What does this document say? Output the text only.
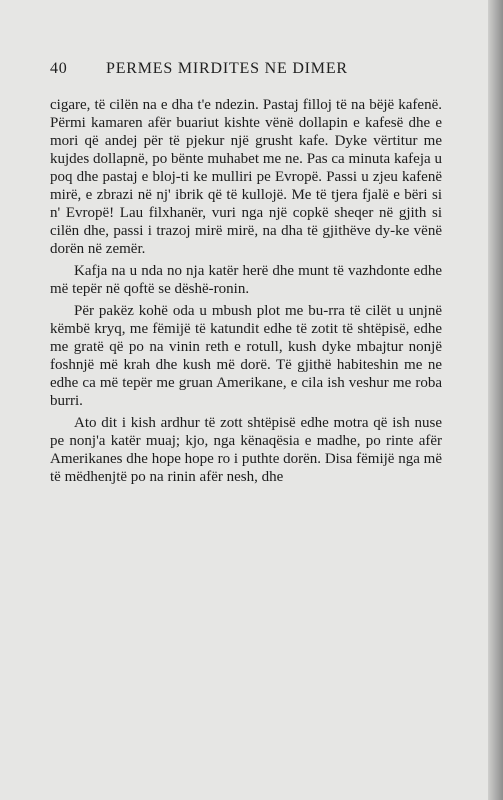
40 PERMES MIRDITES NE DIMER

cigare, të cilën na e dha t'e ndezin. Pastaj filloj të na bëjë kafenë. Përmi kamaren afër buariut kishte vënë dollapin e kafesë dhe e mori që andej për të pjekur një grusht kafe. Dyke vërtitur me kujdes dollapnë, po bënte muhabet me ne. Pas ca minuta kafeja u poq dhe pastaj e bloj-ti ke mulliri pe Evropë. Passi u zjeu kafenë mirë, e zbrazi në nj' ibrik që të kullojë. Me të tjera fjalë e bëri si n' Evropë! Lau filxhanër, vuri nga një copkë sheqer në gjith si cilën dhe, passi i trazoj mirë mirë, na dha të gjithëve dy-ke vënë dorën në zemër.

Kafja na u nda no nja katër herë dhe munt të vazhdonte edhe më tepër në qoftë se dëshë-ronin.

Për pakëz kohë oda u mbush plot me bu-rra të cilët u unjnë këmbë kryq, me fëmijë të katundit edhe të zotit të shtëpisë, edhe me gratë që po na vinin reth e rotull, kush dyke mbajtur nonjë foshnjë më krah dhe kush më dorë. Të gjithë habiteshin me ne edhe ca më tepër me gruan Amerikane, e cila ish veshur me roba burri.

Ato dit i kish ardhur të zott shtëpisë edhe motra që ish nuse pe nonj'a katër muaj; kjo, nga kënaqësia e madhe, po rinte afër Amerikanes dhe hope hope ro i puthte dorën. Disa fëmijë nga më të mëdhenjtë po na rinin afër nesh, dhe
